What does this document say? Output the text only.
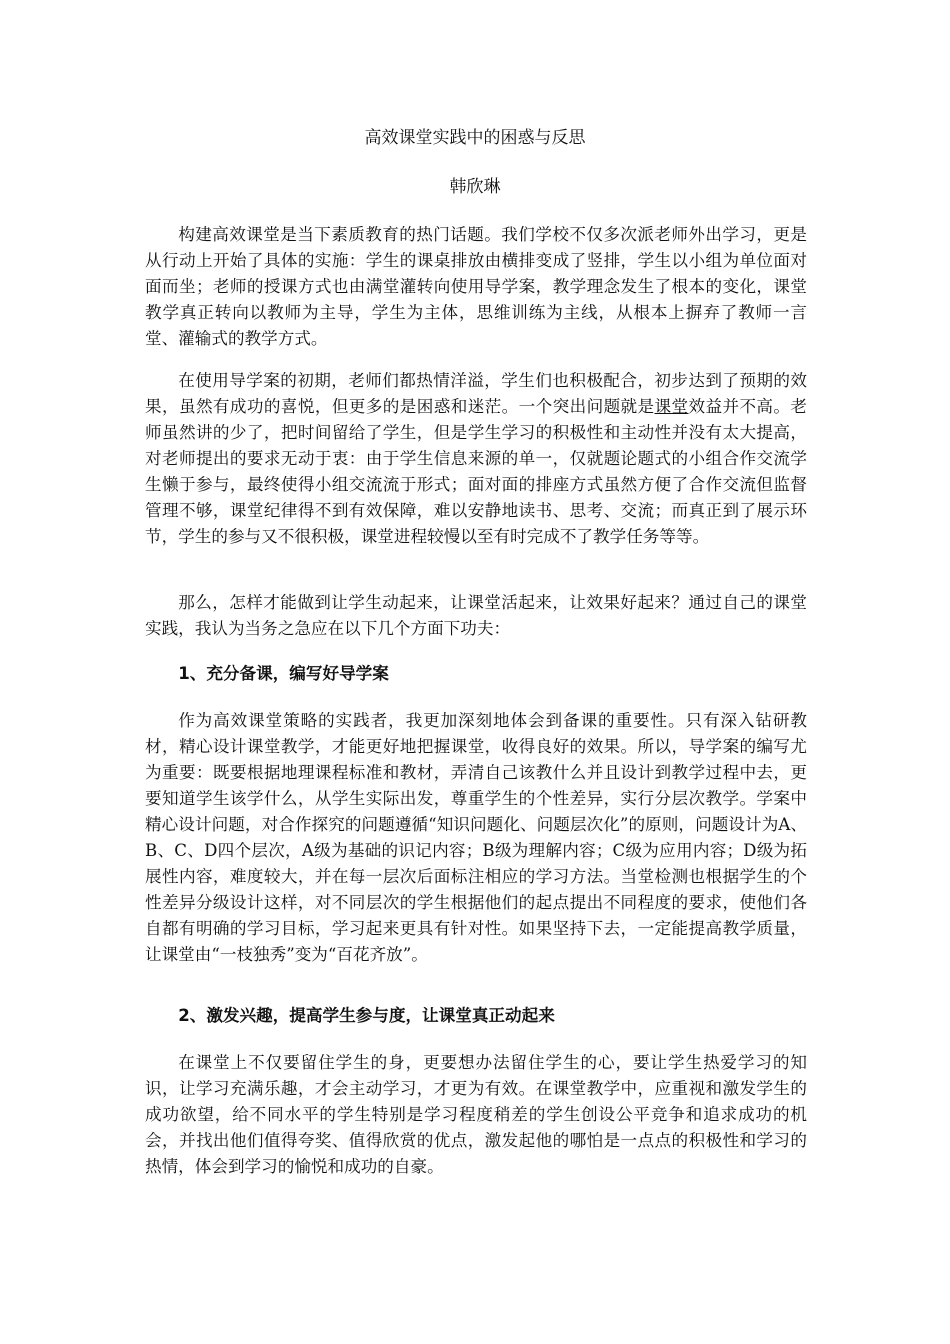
高效课堂实践中的困惑与反思
韩欣琳

构建高效课堂是当下素质教育的热门话题。我们学校不仅多次派老师外出学习，更是从行动上开始了具体的实施：学生的课桌排放由横排变成了竖排，学生以小组为单位面对面而坐；老师的授课方式也由满堂灌转向使用导学案，教学理念发生了根本的变化，课堂教学真正转向以教师为主导，学生为主体，思维训练为主线，从根本上摒弃了教师一言堂、灌输式的教学方式。

在使用导学案的初期，老师们都热情洋溢，学生们也积极配合，初步达到了预期的效果，虽然有成功的喜悦，但更多的是困惑和迷茫。一个突出问题就是课堂效益并不高。老师虽然讲的少了，把时间留给了学生，但是学生学习的积极性和主动性并没有太大提高，对老师提出的要求无动于衷：由于学生信息来源的单一，仅就题论题式的小组合作交流学生懒于参与，最终使得小组交流流于形式；面对面的排座方式虽然方便了合作交流但监督管理不够，课堂纪律得不到有效保障，难以安静地读书、思考、交流；而真正到了展示环节，学生的参与又不很积极，课堂进程较慢以至有时完成不了教学任务等等。

那么，怎样才能做到让学生动起来，让课堂活起来，让效果好起来？通过自己的课堂实践，我认为当务之急应在以下几个方面下功夫：

1、充分备课，编写好导学案

作为高效课堂策略的实践者，我更加深刻地体会到备课的重要性。只有深入钻研教材，精心设计课堂教学，才能更好地把握课堂，收得良好的效果。所以，导学案的编写尤为重要：既要根据地理课程标准和教材，弄清自己该教什么并且设计到教学过程中去，更要知道学生该学什么，从学生实际出发，尊重学生的个性差异，实行分层次教学。学案中精心设计问题，对合作探究的问题遵循“知识问题化、问题层次化”的原则，问题设计为A、B、C、D四个层次，A级为基础的识记内容；B级为理解内容；C级为应用内容；D级为拓展性内容，难度较大，并在每一层次后面标注相应的学习方法。当堂检测也根据学生的个性差异分级设计这样，对不同层次的学生根据他们的起点提出不同程度的要求，使他们各自都有明确的学习目标，学习起来更具有针对性。如果坚持下去，一定能提高教学质量，让课堂由“一枝独秀”变为“百花齐放”。

2、激发兴趣，提高学生参与度，让课堂真正动起来

在课堂上不仅要留住学生的身，更要想办法留住学生的心，要让学生热爱学习的知识，让学习充满乐趣，才会主动学习，才更为有效。在课堂教学中，应重视和激发学生的成功欲望，给不同水平的学生特别是学习程度稍差的学生创设公平竞争和追求成功的机会，并找出他们值得夸奖、值得欣赏的优点，激发起他的哪怕是一点点的积极性和学习的热情，体会到学习的愉悦和成功的自豪。
